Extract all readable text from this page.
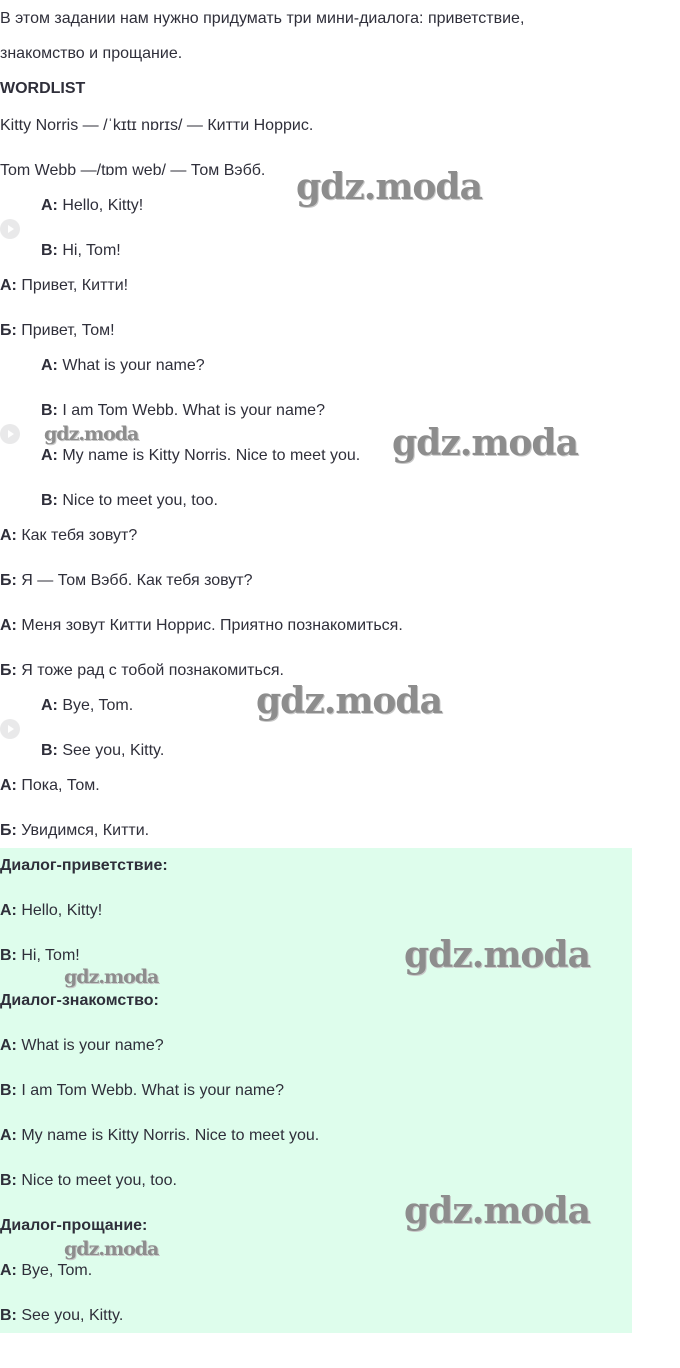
В этом задании нам нужно придумать три мини-диалога: приветствие,
знакомство и прощание.
WORDLIST
Kitty Norris — /ˈkɪtɪ nɒrɪs/ — Китти Норрис.
Tom Webb —/tɒm web/ — Том Вэбб.
A: Hello, Kitty!
B: Hi, Tom!
А: Привет, Китти!
Б: Привет, Том!
A: What is your name?
B: I am Tom Webb. What is your name?
A: My name is Kitty Norris. Nice to meet you.
B: Nice to meet you, too.
А: Как тебя зовут?
Б: Я — Том Вэбб. Как тебя зовут?
А: Меня зовут Китти Норрис. Приятно познакомиться.
Б: Я тоже рад с тобой познакомиться.
A: Bye, Tom.
B: See you, Kitty.
А: Пока, Том.
Б: Увидимся, Китти.
Диалог-приветствие:
A: Hello, Kitty!
B: Hi, Tom!
Диалог-знакомство:
A: What is your name?
B: I am Tom Webb. What is your name?
A: My name is Kitty Norris. Nice to meet you.
B: Nice to meet you, too.
Диалог-прощание:
A: Bye, Tom.
B: See you, Kitty.
gdz.moda
gdz.moda	gdz.moda
gdz.moda
gdz.moda
gdz.moda
gdz.moda
gdz.moda
